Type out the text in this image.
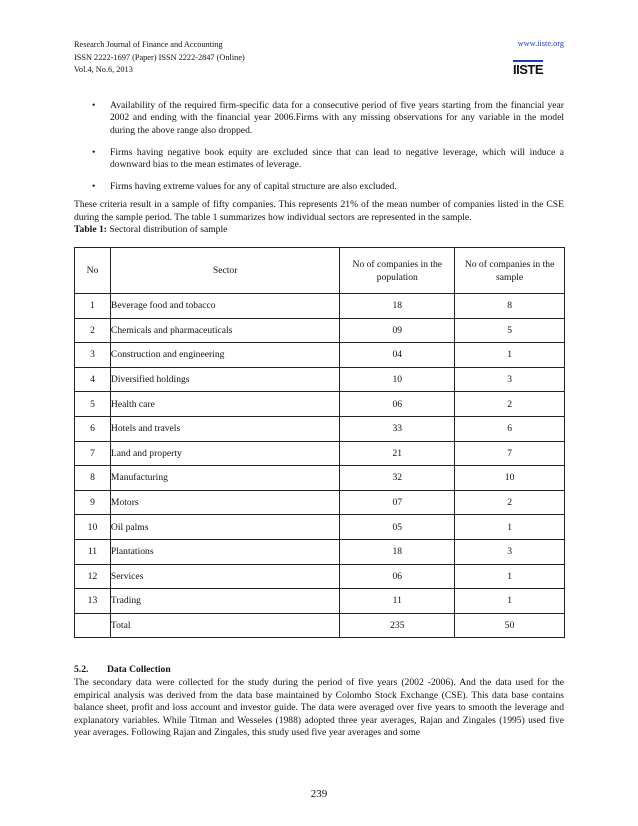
Research Journal of Finance and Accounting
ISSN 2222-1697 (Paper) ISSN 2222-2847 (Online)
Vol.4, No.6, 2013
www.iiste.org
IISTE
• Availability of the required firm-specific data for a consecutive period of five years starting from the financial year 2002 and ending with the financial year 2006.Firms with any missing observations for any variable in the model during the above range also dropped.
• Firms having negative book equity are excluded since that can lead to negative leverage, which will induce a downward bias to the mean estimates of leverage.
• Firms having extreme values for any of capital structure are also excluded.
These criteria result in a sample of fifty companies. This represents 21% of the mean number of companies listed in the CSE during the sample period. The table 1 summarizes how individual sectors are represented in the sample.
Table 1: Sectoral distribution of sample
No	Sector	No of companies in the population	No of companies in the sample
1	Beverage food and tobacco	18	8
2	Chemicals and pharmaceuticals	09	5
3	Construction and engineering	04	1
4	Diversified holdings	10	3
5	Health care	06	2
6	Hotels and travels	33	6
7	Land and property	21	7
8	Manufacturing	32	10
9	Motors	07	2
10	Oil palms	05	1
11	Plantations	18	3
12	Services	06	1
13	Trading	11	1
	Total	235	50
5.2. Data Collection
The secondary data were collected for the study during the period of five years (2002 -2006). And the data used for the empirical analysis was derived from the data base maintained by Colombo Stock Exchange (CSE). This data base contains balance sheet, profit and loss account and investor guide. The data were averaged over five years to smooth the leverage and explanatory variables. While Titman and Wesseles (1988) adopted three year averages, Rajan and Zingales (1995) used five year averages. Following Rajan and Zingales, this study used five year averages and some
239
